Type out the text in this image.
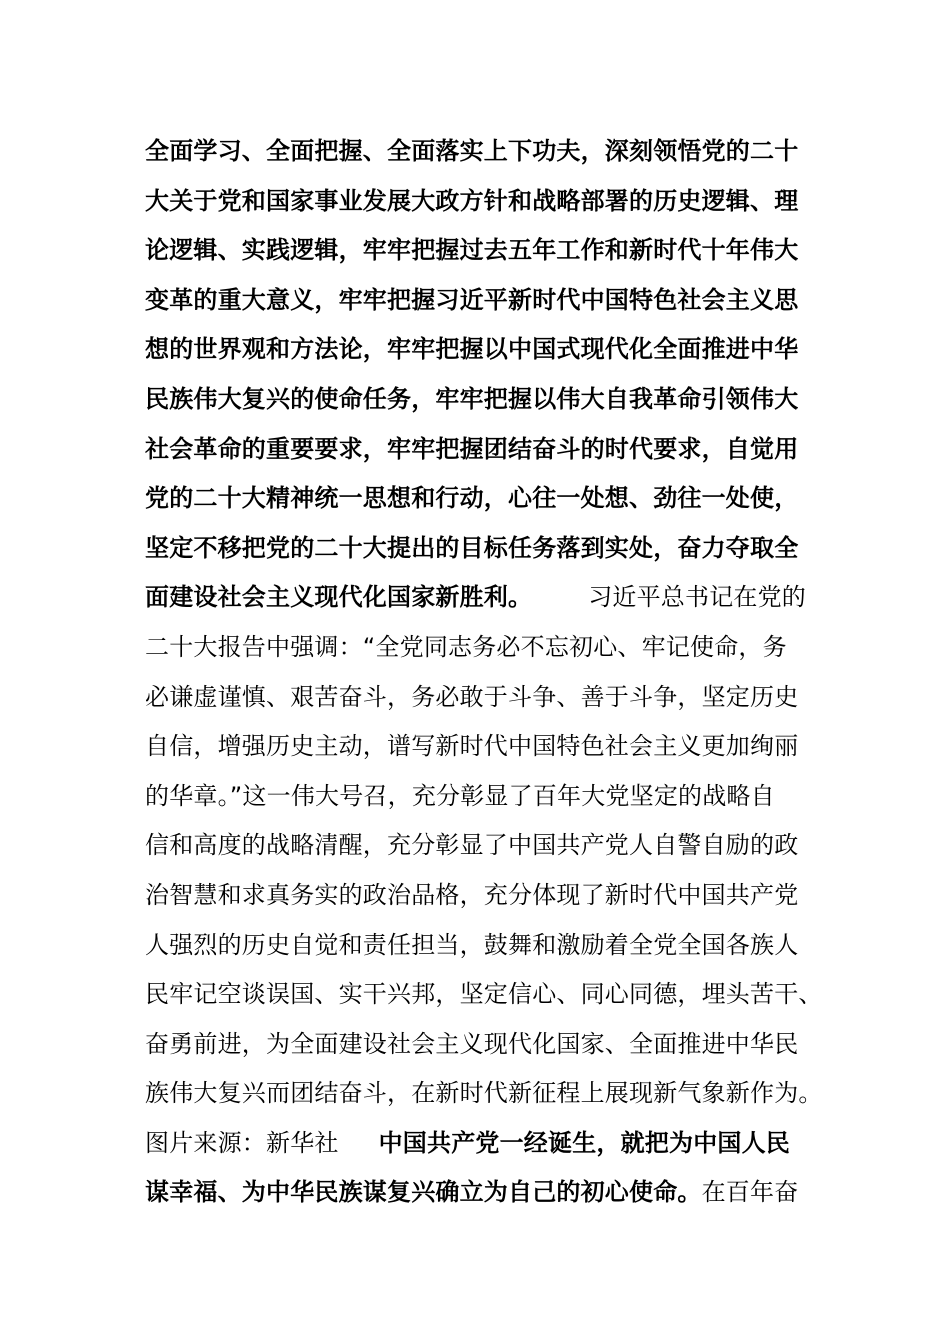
全面学习、全面把握、全面落实上下功夫，深刻领悟党的二十
大关于党和国家事业发展大政方针和战略部署的历史逻辑、理
论逻辑、实践逻辑，牢牢把握过去五年工作和新时代十年伟大
变革的重大意义，牢牢把握习近平新时代中国特色社会主义思
想的世界观和方法论，牢牢把握以中国式现代化全面推进中华
民族伟大复兴的使命任务，牢牢把握以伟大自我革命引领伟大
社会革命的重要要求，牢牢把握团结奋斗的时代要求，自觉用
党的二十大精神统一思想和行动，心往一处想、劲往一处使，
坚定不移把党的二十大提出的目标任务落到实处，奋力夺取全
面建设社会主义现代化国家新胜利。 习近平总书记在党的
二十大报告中强调：“全党同志务必不忘初心、牢记使命，务
必谦虚谨慎、艰苦奋斗，务必敢于斗争、善于斗争，坚定历史
自信，增强历史主动，谱写新时代中国特色社会主义更加绚丽
的华章。”这一伟大号召，充分彰显了百年大党坚定的战略自
信和高度的战略清醒，充分彰显了中国共产党人自警自励的政
治智慧和求真务实的政治品格，充分体现了新时代中国共产党
人强烈的历史自觉和责任担当，鼓舞和激励着全党全国各族人
民牢记空谈误国、实干兴邦，坚定信心、同心同德，埋头苦干、
奋勇前进，为全面建设社会主义现代化国家、全面推进中华民
族伟大复兴而团结奋斗，在新时代新征程上展现新气象新作为。
图片来源：新华社 中国共产党一经诞生，就把为中国人民
谋幸福、为中华民族谋复兴确立为自己的初心使命。在百年奋
